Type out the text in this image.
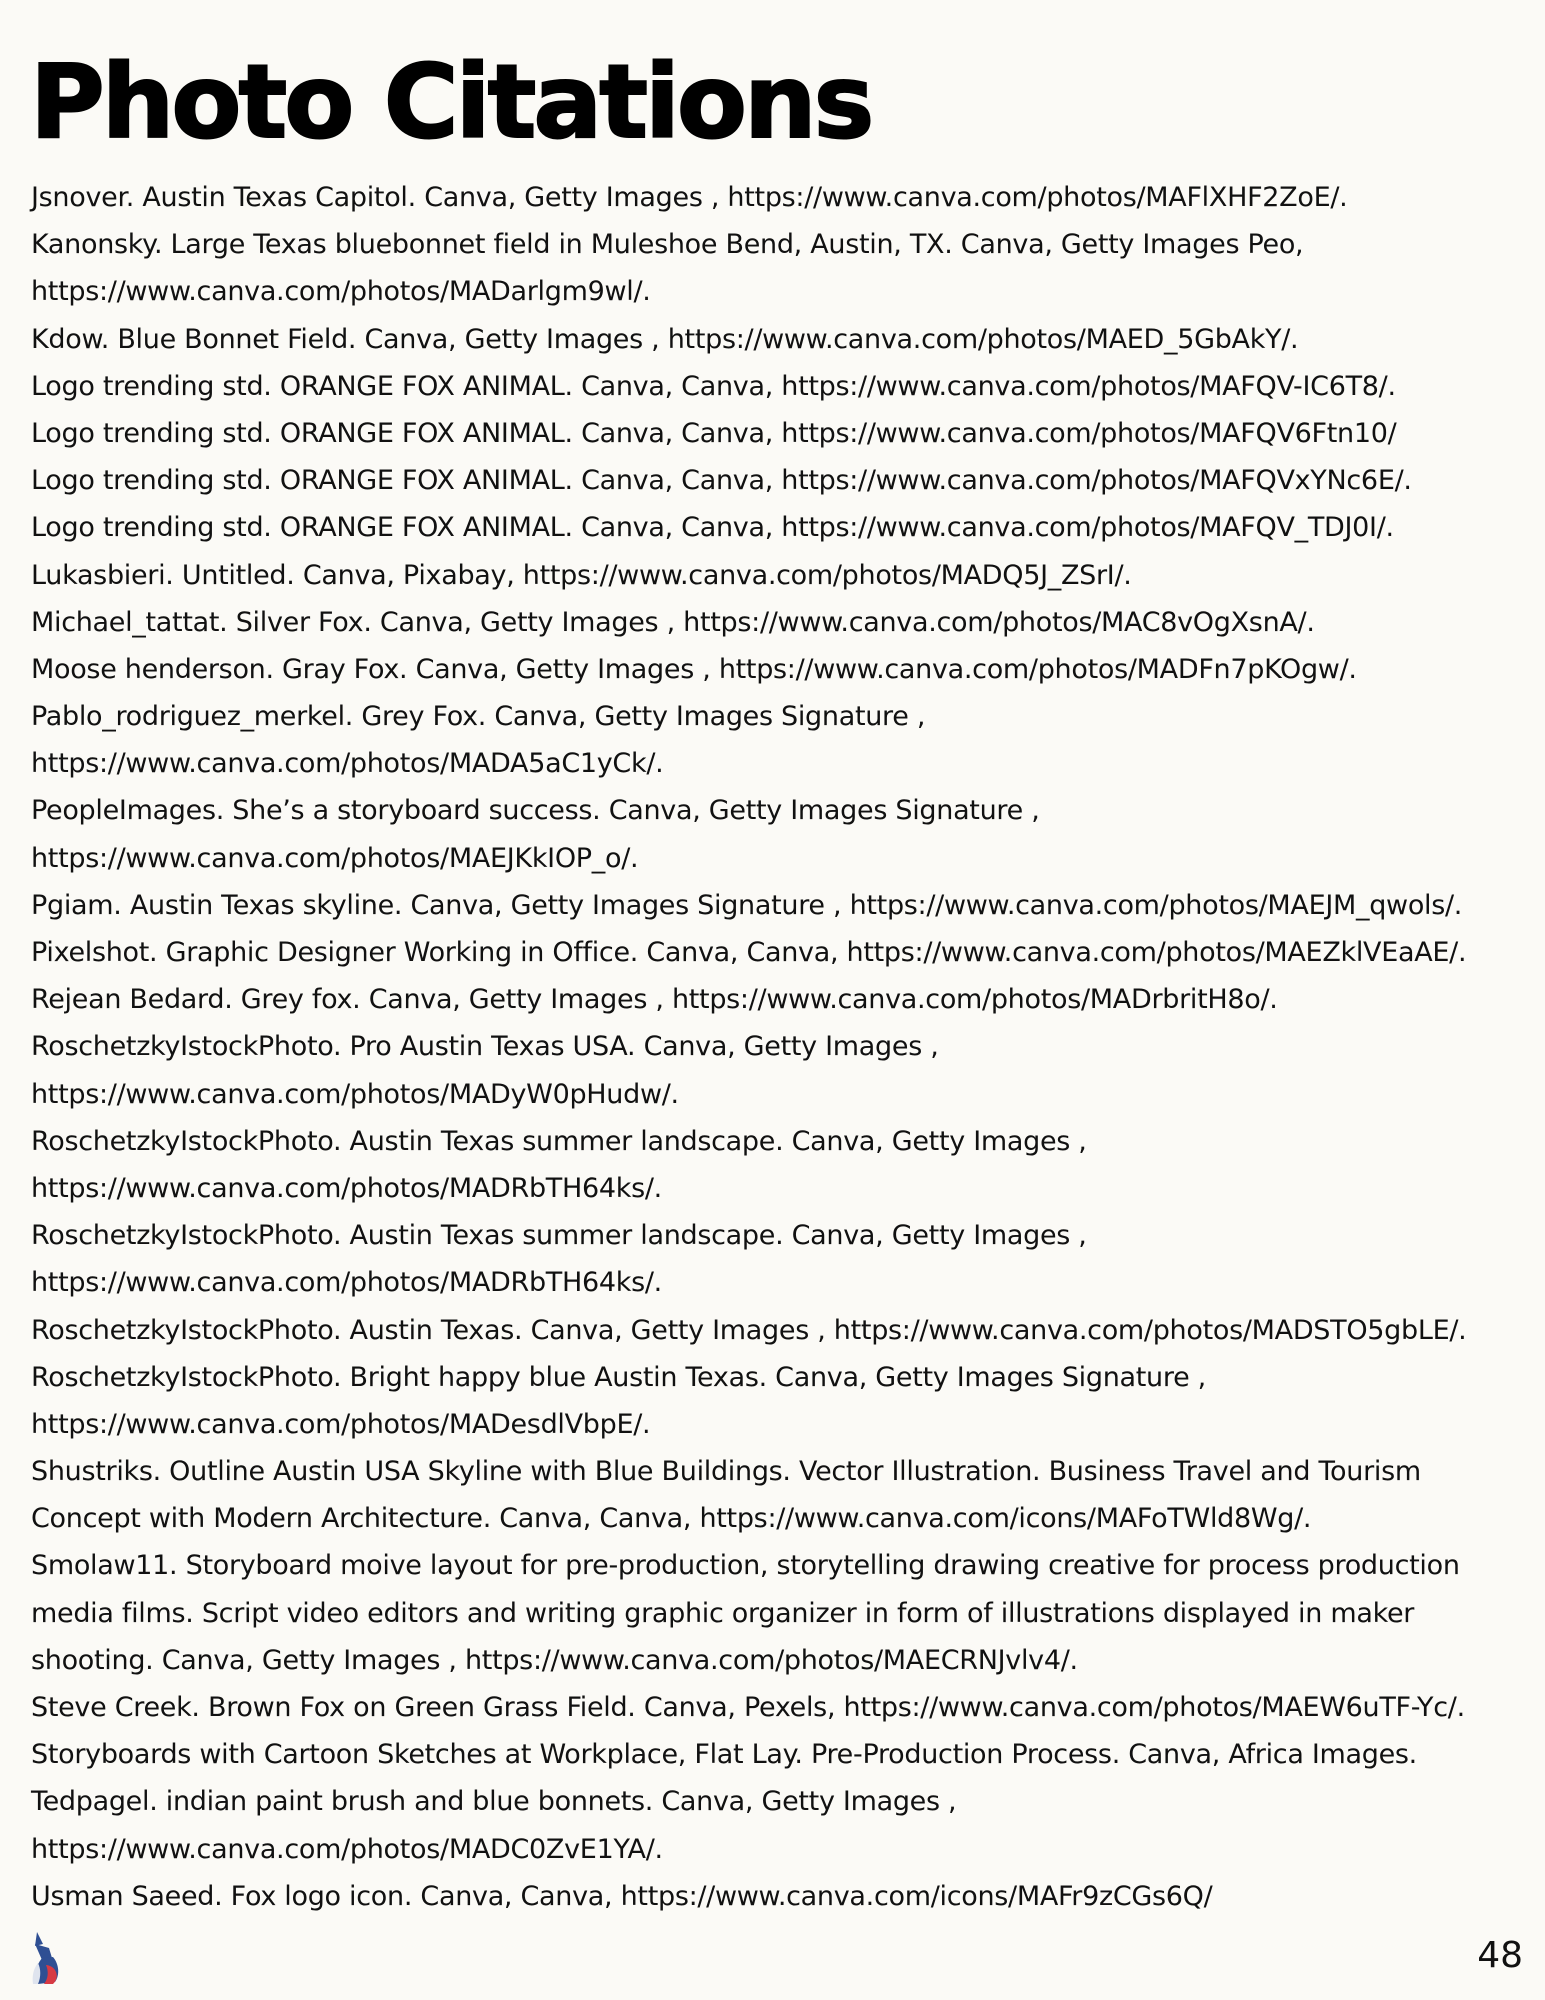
Photo Citations
Jsnover. Austin Texas Capitol. Canva, Getty Images , https://www.canva.com/photos/MAFlXHF2ZoE/.
Kanonsky. Large Texas bluebonnet field in Muleshoe Bend, Austin, TX. Canva, Getty Images Peo,
https://www.canva.com/photos/MADarlgm9wl/.
Kdow. Blue Bonnet Field. Canva, Getty Images , https://www.canva.com/photos/MAED_5GbAkY/.
Logo trending std. ORANGE FOX ANIMAL. Canva, Canva, https://www.canva.com/photos/MAFQV-IC6T8/.
Logo trending std. ORANGE FOX ANIMAL. Canva, Canva, https://www.canva.com/photos/MAFQV6Ftn10/
Logo trending std. ORANGE FOX ANIMAL. Canva, Canva, https://www.canva.com/photos/MAFQVxYNc6E/.
Logo trending std. ORANGE FOX ANIMAL. Canva, Canva, https://www.canva.com/photos/MAFQV_TDJ0I/.
Lukasbieri. Untitled. Canva, Pixabay, https://www.canva.com/photos/MADQ5J_ZSrI/.
Michael_tattat. Silver Fox. Canva, Getty Images , https://www.canva.com/photos/MAC8vOgXsnA/.
Moose henderson. Gray Fox. Canva, Getty Images , https://www.canva.com/photos/MADFn7pKOgw/.
Pablo_rodriguez_merkel. Grey Fox. Canva, Getty Images Signature ,
https://www.canva.com/photos/MADA5aC1yCk/.
PeopleImages. She’s a storyboard success. Canva, Getty Images Signature ,
https://www.canva.com/photos/MAEJKkIOP_o/.
Pgiam. Austin Texas skyline. Canva, Getty Images Signature , https://www.canva.com/photos/MAEJM_qwols/.
Pixelshot. Graphic Designer Working in Office. Canva, Canva, https://www.canva.com/photos/MAEZklVEaAE/.
Rejean Bedard. Grey fox. Canva, Getty Images , https://www.canva.com/photos/MADrbritH8o/.
RoschetzkyIstockPhoto. Pro Austin Texas USA. Canva, Getty Images ,
https://www.canva.com/photos/MADyW0pHudw/.
RoschetzkyIstockPhoto. Austin Texas summer landscape. Canva, Getty Images ,
https://www.canva.com/photos/MADRbTH64ks/.
RoschetzkyIstockPhoto. Austin Texas summer landscape. Canva, Getty Images ,
https://www.canva.com/photos/MADRbTH64ks/.
RoschetzkyIstockPhoto. Austin Texas. Canva, Getty Images , https://www.canva.com/photos/MADSTO5gbLE/.
RoschetzkyIstockPhoto. Bright happy blue Austin Texas. Canva, Getty Images Signature ,
https://www.canva.com/photos/MADesdlVbpE/.
Shustriks. Outline Austin USA Skyline with Blue Buildings. Vector Illustration. Business Travel and Tourism
Concept with Modern Architecture. Canva, Canva, https://www.canva.com/icons/MAFoTWld8Wg/.
Smolaw11. Storyboard moive layout for pre-production, storytelling drawing creative for process production
media films. Script video editors and writing graphic organizer in form of illustrations displayed in maker
shooting. Canva, Getty Images , https://www.canva.com/photos/MAECRNJvlv4/.
Steve Creek. Brown Fox on Green Grass Field. Canva, Pexels, https://www.canva.com/photos/MAEW6uTF-Yc/.
Storyboards with Cartoon Sketches at Workplace, Flat Lay. Pre-Production Process. Canva, Africa Images.
Tedpagel. indian paint brush and blue bonnets. Canva, Getty Images ,
https://www.canva.com/photos/MADC0ZvE1YA/.
Usman Saeed. Fox logo icon. Canva, Canva, https://www.canva.com/icons/MAFr9zCGs6Q/
48
